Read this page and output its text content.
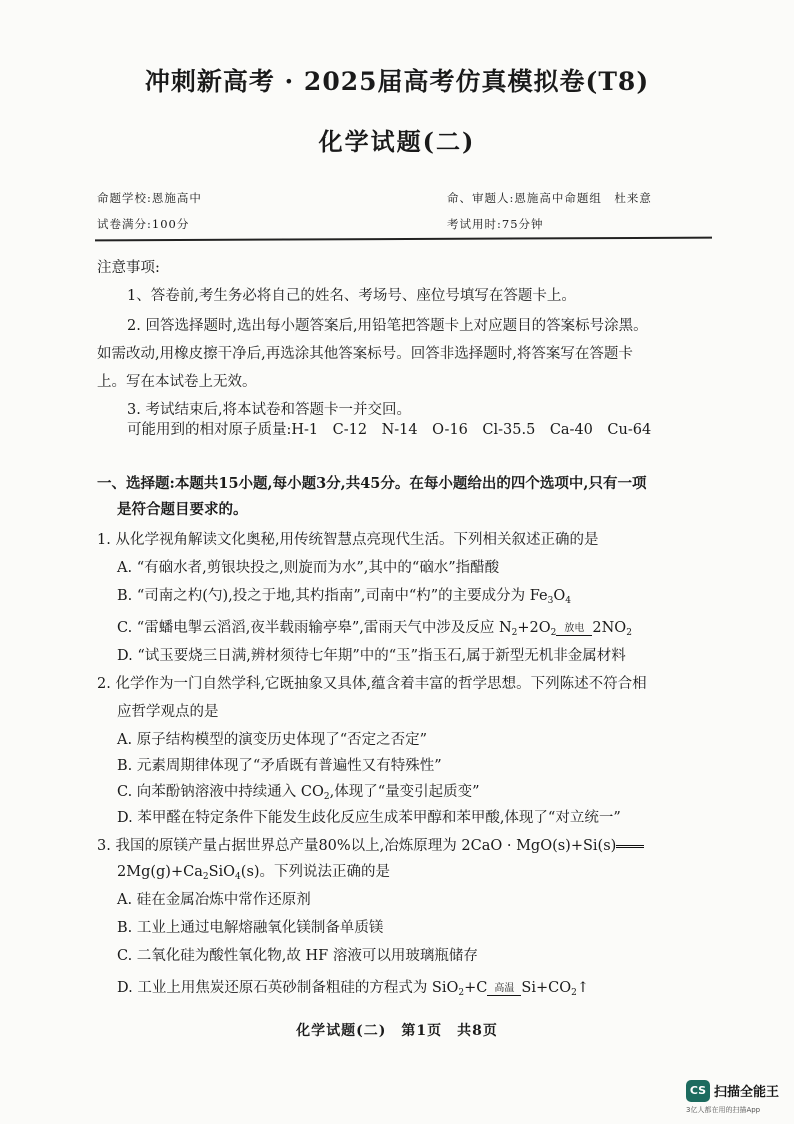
冲刺新高考 · 2025届高考仿真模拟卷(T8)
化学试题(二)
命题学校:恩施高中	命、审题人:恩施高中命题组　杜来意
试卷满分:100分	考试用时:75分钟
注意事项:
1、答卷前,考生务必将自己的姓名、考场号、座位号填写在答题卡上。
2. 回答选择题时,选出每小题答案后,用铅笔把答题卡上对应题目的答案标号涂黑。
如需改动,用橡皮擦干净后,再选涂其他答案标号。回答非选择题时,将答案写在答题卡
上。写在本试卷上无效。
3. 考试结束后,将本试卷和答题卡一并交回。
可能用到的相对原子质量:H-1　C-12　N-14　O-16　Cl-35.5　Ca-40　Cu-64
一、选择题:本题共15小题,每小题3分,共45分。在每小题给出的四个选项中,只有一项
是符合题目要求的。
1. 从化学视角解读文化奥秘,用传统智慧点亮现代生活。下列相关叙述正确的是
A. “有硇水者,剪银块投之,则旋而为水”,其中的“硇水”指醋酸
B. “司南之杓(勺),投之于地,其杓指南”,司南中“杓”的主要成分为 $Fe_3O_4$
C. “雷蟠电掣云滔滔,夜半载雨输亭皋”,雷雨天气中涉及反应 $N_2+2O_2$ 放电 $2NO_2$
D. “试玉要烧三日满,辨材须待七年期”中的“玉”指玉石,属于新型无机非金属材料
2. 化学作为一门自然学科,它既抽象又具体,蕴含着丰富的哲学思想。下列陈述不符合相
应哲学观点的是
A. 原子结构模型的演变历史体现了“否定之否定”
B. 元素周期律体现了“矛盾既有普遍性又有特殊性”
C. 向苯酚钠溶液中持续通入 $CO_2$,体现了“量变引起质变”
D. 苯甲醛在特定条件下能发生歧化反应生成苯甲醇和苯甲酸,体现了“对立统一”
3. 我国的原镁产量占据世界总产量80%以上,冶炼原理为 2CaO · MgO(s)+Si(s)
$2Mg(g)+Ca_2SiO_4(s)$。下列说法正确的是
A. 硅在金属冶炼中常作还原剂
B. 工业上通过电解熔融氧化镁制备单质镁
C. 二氧化硅为酸性氧化物,故 HF 溶液可以用玻璃瓶储存
D. 工业上用焦炭还原石英砂制备粗硅的方程式为 SiO$_2$+C 高温 $Si+CO_2↑$
化学试题(二)　第1页　共8页
CS 扫描全能王
3亿人都在用的扫描App
